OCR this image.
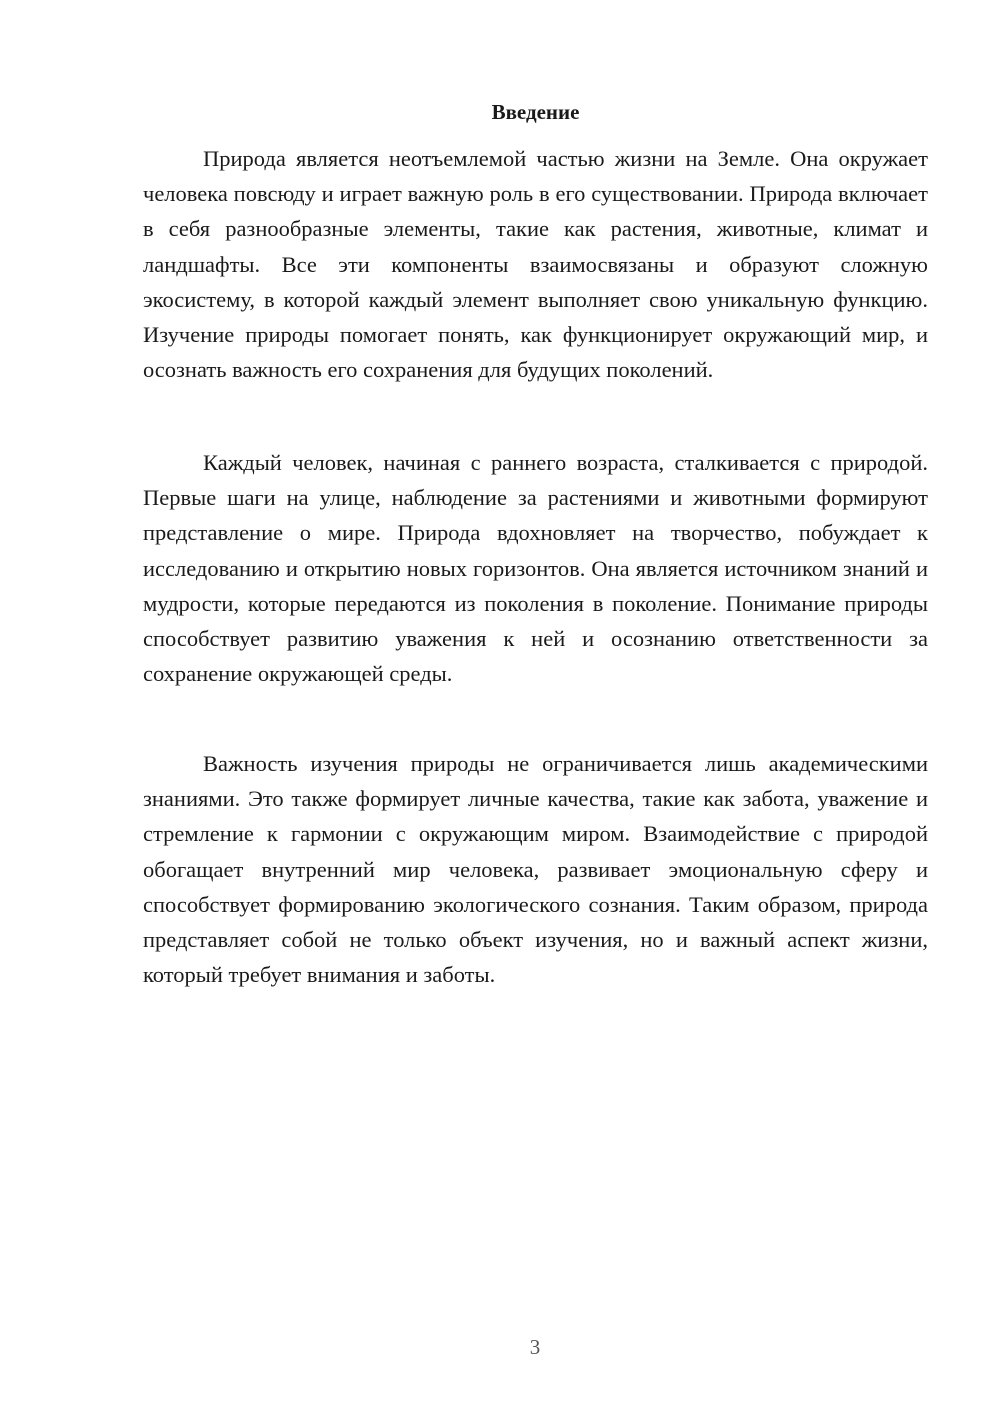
Введение

Природа является неотъемлемой частью жизни на Земле. Она окружает человека повсюду и играет важную роль в его существовании. Природа включает в себя разнообразные элементы, такие как растения, животные, климат и ландшафты. Все эти компоненты взаимосвязаны и образуют сложную экосистему, в которой каждый элемент выполняет свою уникальную функцию. Изучение природы помогает понять, как функционирует окружающий мир, и осознать важность его сохранения для будущих поколений.

Каждый человек, начиная с раннего возраста, сталкивается с природой. Первые шаги на улице, наблюдение за растениями и животными формируют представление о мире. Природа вдохновляет на творчество, побуждает к исследованию и открытию новых горизонтов. Она является источником знаний и мудрости, которые передаются из поколения в поколение. Понимание природы способствует развитию уважения к ней и осознанию ответственности за сохранение окружающей среды.

Важность изучения природы не ограничивается лишь академическими знаниями. Это также формирует личные качества, такие как забота, уважение и стремление к гармонии с окружающим миром. Взаимодействие с природой обогащает внутренний мир человека, развивает эмоциональную сферу и способствует формированию экологического сознания. Таким образом, природа представляет собой не только объект изучения, но и важный аспект жизни, который требует внимания и заботы.

3
